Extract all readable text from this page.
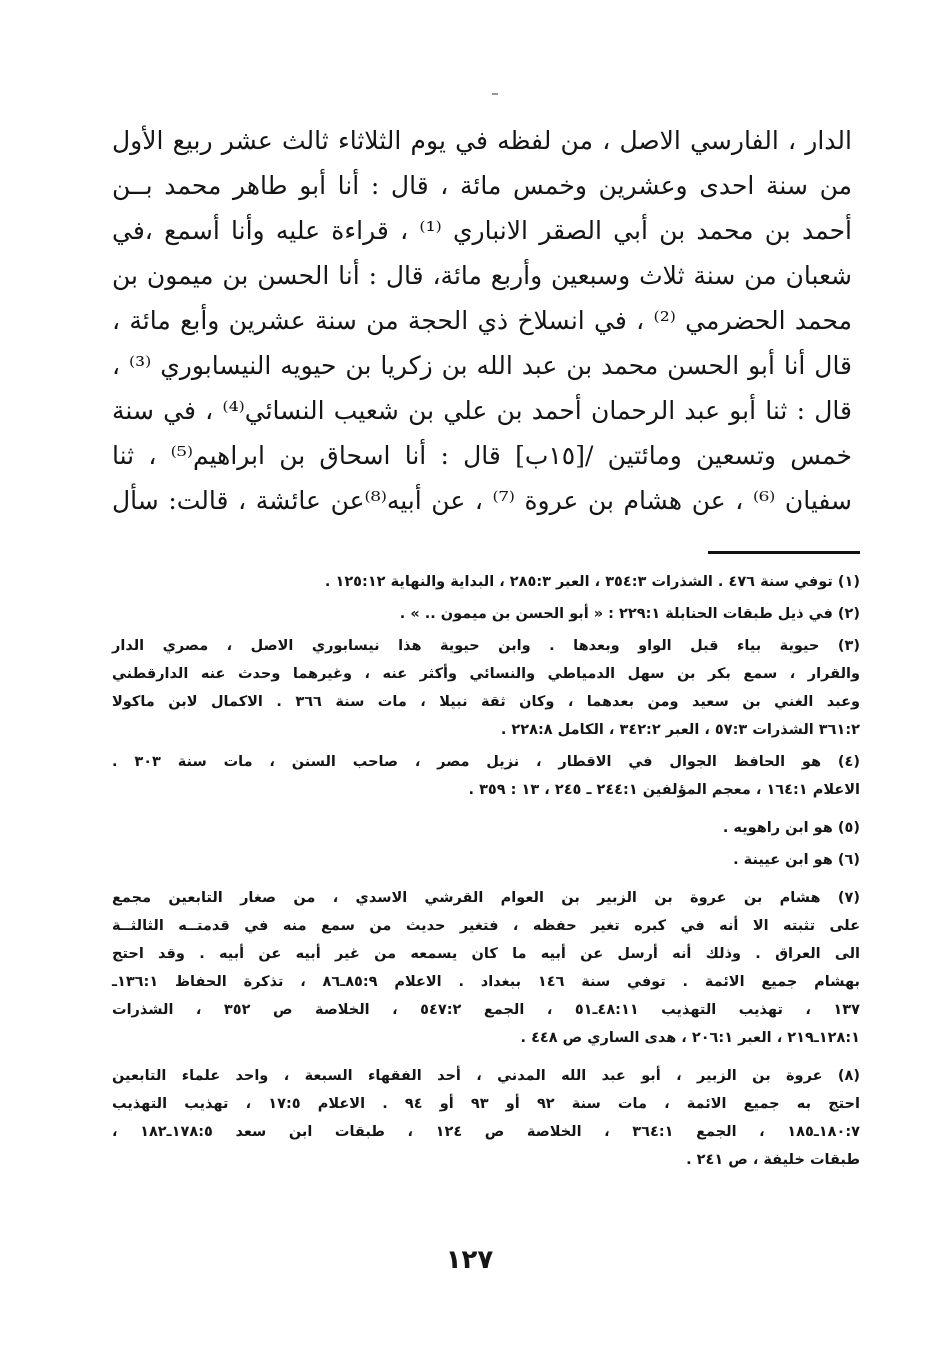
الدار ، الفارسي الاصل ، من لفظه في يوم الثلاثاء ثالث عشر ربيع الأول
من سنة احدى وعشرين وخمس مائة ، قال : أنا أبو طاهر محمد بــن
أحمد بن محمد بن أبي الصقر الانباري ⁽¹⁾ ، قراءة عليه وأنا أسمع ،في
شعبان من سنة ثلاث وسبعين وأربع مائة، قال : أنا الحسن بن ميمون بن
محمد الحضرمي ⁽²⁾ ، في انسلاخ ذي الحجة من سنة عشرين وأبع مائة ،
قال أنا أبو الحسن محمد بن عبد الله بن زكريا بن حيويه النيسابوري ⁽³⁾ ،
قال : ثنا أبو عبد الرحمان أحمد بن علي بن شعيب النسائي⁽⁴⁾ ، في سنة
خمس وتسعين ومائتين /[١٥ب] قال : أنا اسحاق بن ابراهيم⁽⁵⁾ ، ثنا
سفيان ⁽⁶⁾ ، عن هشام بن عروة ⁽⁷⁾ ، عن أبيه⁽⁸⁾عن عائشة ، قالت: سأل
(١) توفي سنة ٤٧٦ . الشذرات ٣٥٤:٣ ، العبر ٢٨٥:٣ ، البداية والنهاية ١٢٥:١٢ .
(٢) في ذيل طبقات الحنابلة ٢٢٩:١ : « أبو الحسن بن ميمون .. » .
(٣) حيوية بياء قبل الواو وبعدها . وابن حيوية هذا نيسابوري الاصل ، مصري الدار
والقرار ، سمع بكر بن سهل الدمياطي والنسائي وأكثر عنه ، وغيرهما وحدث عنه الدارقطني
وعبد الغني بن سعيد ومن بعدهما ، وكان ثقة نبيلا ، مات سنة ٣٦٦ . الاكمال لابن ماكولا
٣٦١:٢ الشذرات ٥٧:٣ ، العبر ٣٤٢:٢ ، الكامل ٢٢٨:٨ .
(٤) هو الحافظ الجوال في الاقطار ، نزيل مصر ، صاحب السنن ، مات سنة ٣٠٣ .
الاعلام ١٦٤:١ ، معجم المؤلفين ٢٤٤:١ ـ ٢٤٥ ، ١٣ : ٣٥٩ .
(٥) هو ابن راهويه .
(٦) هو ابن عيينة .
(٧) هشام بن عروة بن الزبير بن العوام القرشي الاسدي ، من صغار التابعين مجمع
على تثبته الا أنه في كبره تغير حفظه ، فتغير حديث من سمع منه في قدمتــه الثالثــة
الى العراق . وذلك أنه أرسل عن أبيه ما كان يسمعه من غير أبيه عن أبيه . وقد احتج
بهشام جميع الائمة . توفي سنة ١٤٦ ببغداد . الاعلام ٨٥:٩ـ٨٦ ، تذكرة الحفاظ ١٣٦:١ـ
١٣٧ ، تهذيب التهذيب ٤٨:١١ـ٥١ ، الجمع ٥٤٧:٢ ، الخلاصة ص ٣٥٢ ، الشذرات
١٢٨:١ـ٢١٩ ، العبر ٢٠٦:١ ، هدى الساري ص ٤٤٨ .
(٨) عروة بن الزبير ، أبو عبد الله المدني ، أحد الفقهاء السبعة ، واحد علماء التابعين
احتج به جميع الائمة ، مات سنة ٩٢ أو ٩٣ أو ٩٤ . الاعلام ١٧:٥ ، تهذيب التهذيب
١٨٠:٧ـ١٨٥ ، الجمع ٣٦٤:١ ، الخلاصة ص ١٢٤ ، طبقات ابن سعد ١٧٨:٥ـ١٨٢ ،
طبقات خليفة ، ص ٢٤١ .
١٢٧
